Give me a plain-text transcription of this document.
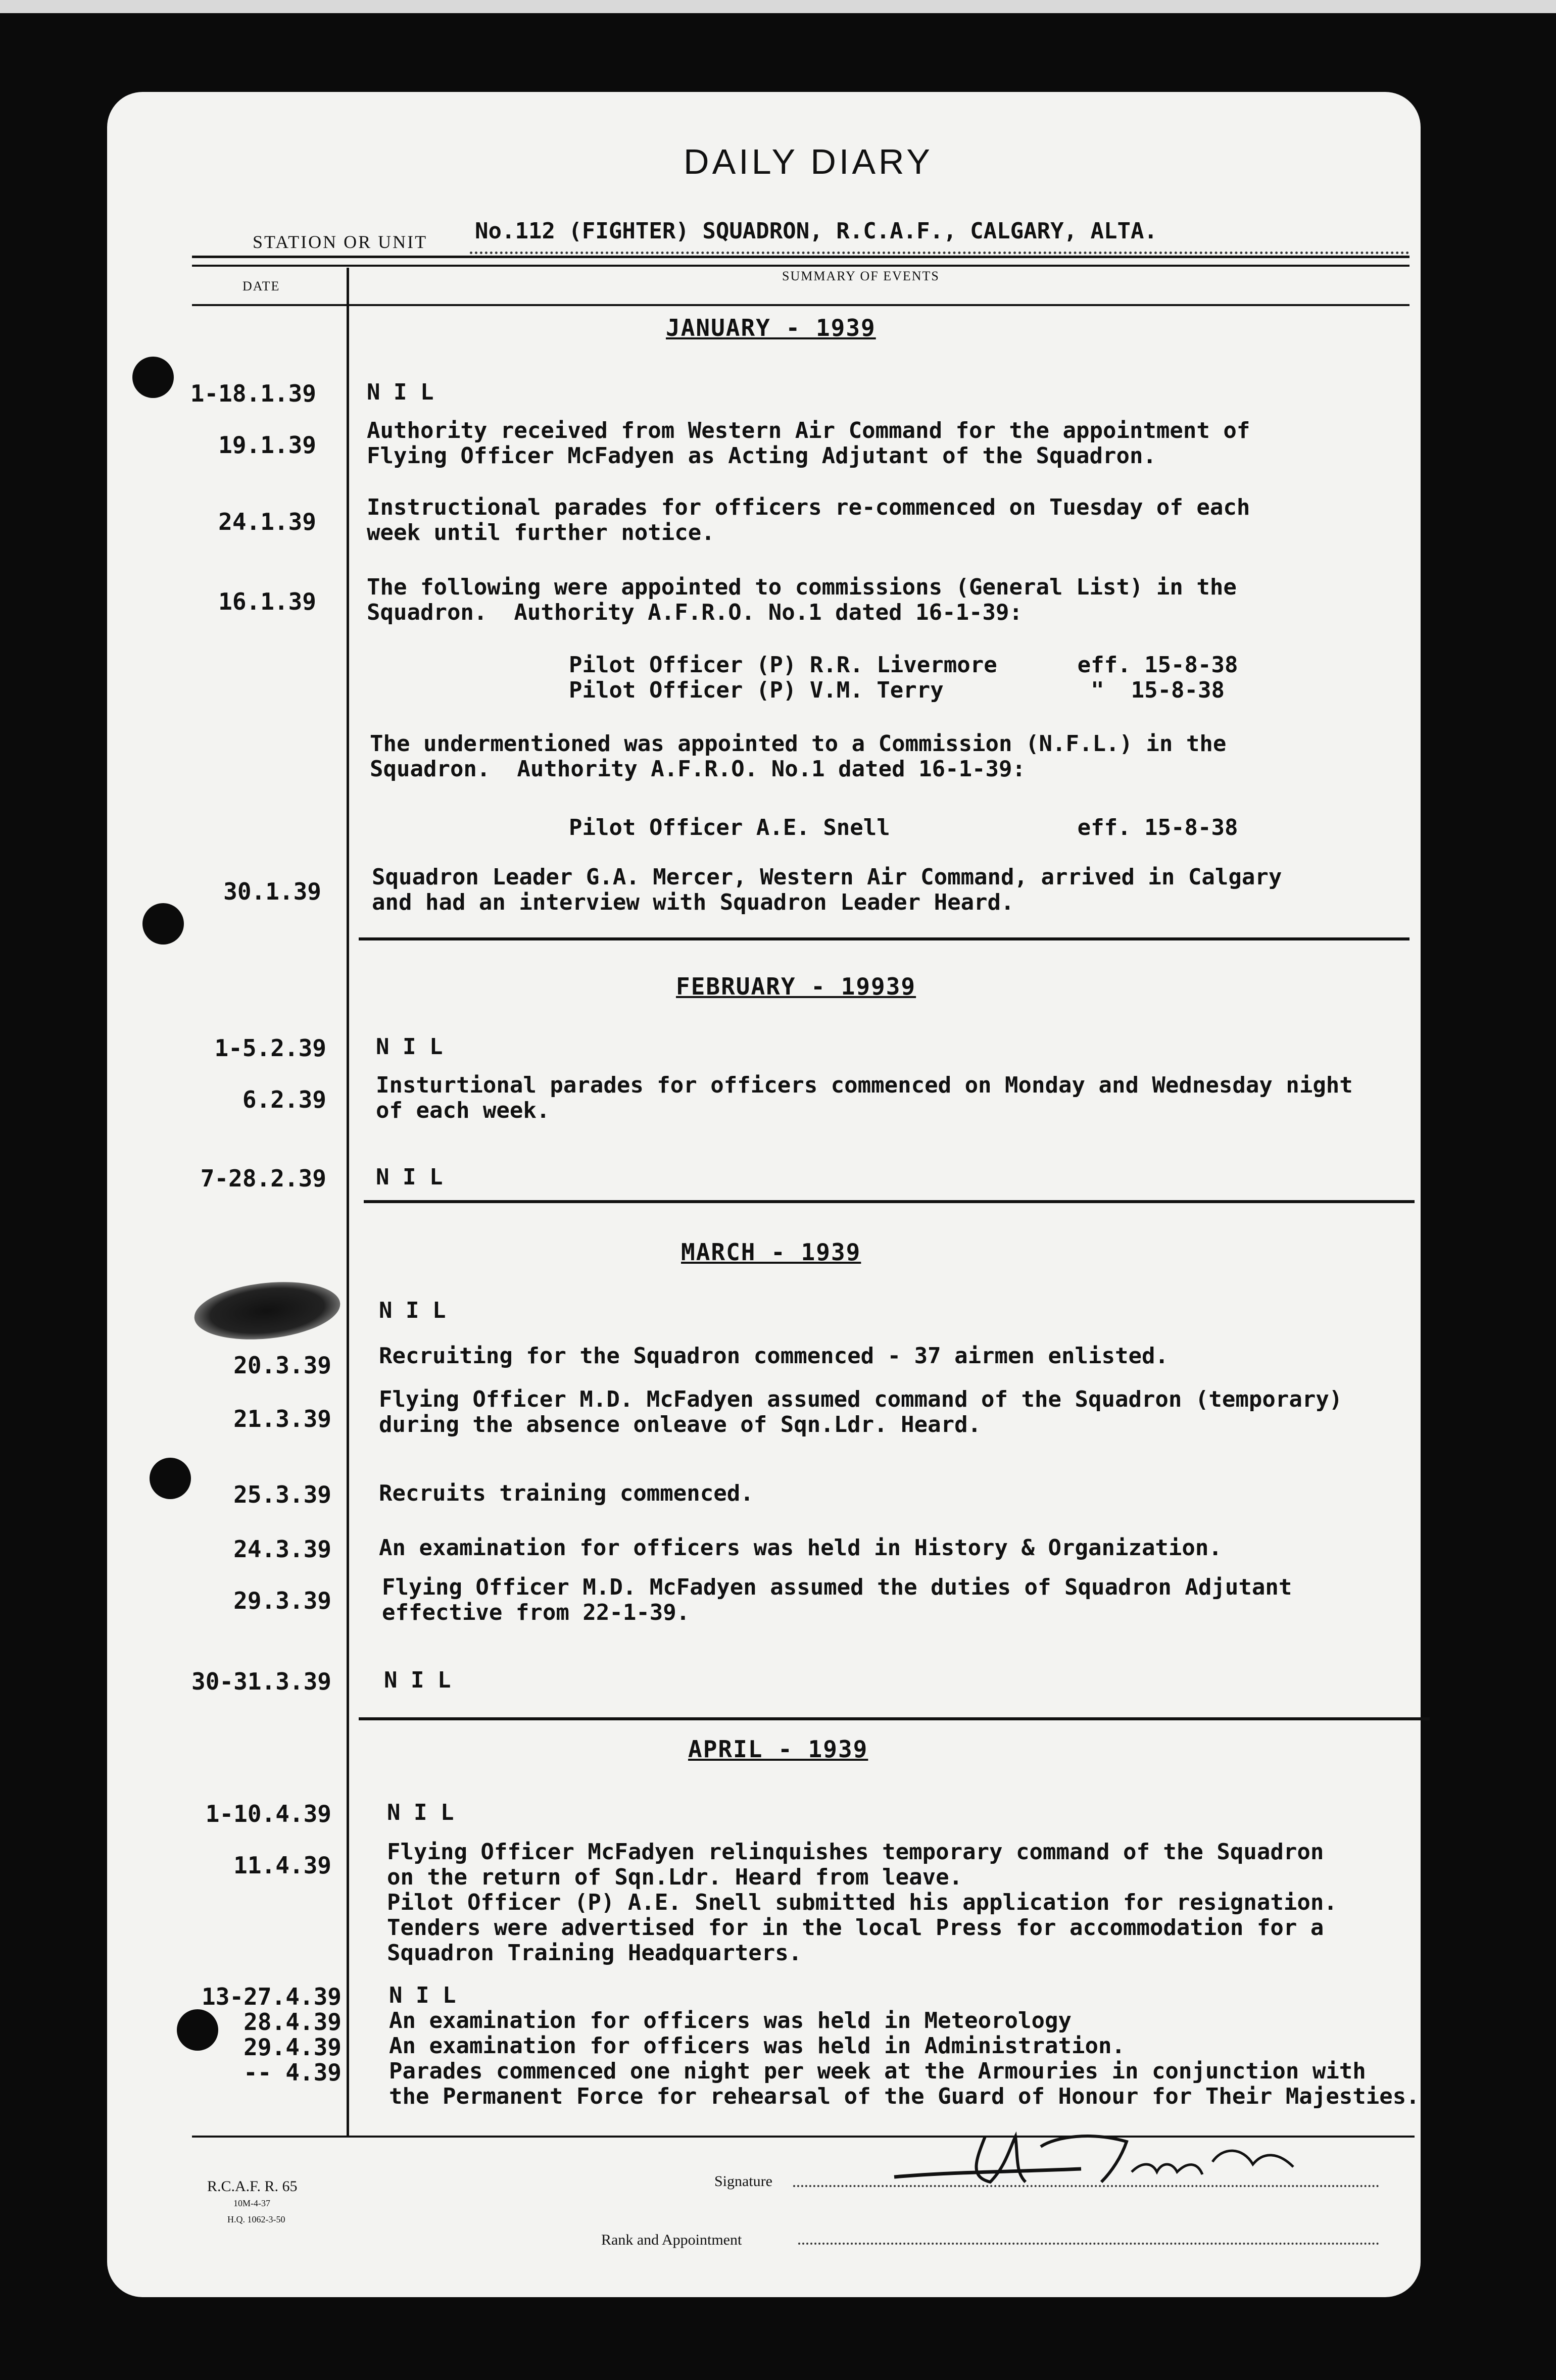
DAILY DIARY
STATION OR UNIT No.112 (FIGHTER) SQUADRON, R.C.A.F., CALGARY, ALTA.
DATE
SUMMARY OF EVENTS
JANUARY - 1939
FEBRUARY - 19939
MARCH - 1939
APRIL - 1939
1-18.1.39
19.1.39
24.1.39
16.1.39
30.1.39
1-5.2.39
6.2.39
7-28.2.39
20.3.39
21.3.39
25.3.39
24.3.39
29.3.39
30-31.3.39
1-10.4.39
11.4.39
13-27.4.39
28.4.39
29.4.39
-- 4.39
N I L
Authority received from Western Air Command for the appointment of
Flying Officer McFadyen as Acting Adjutant of the Squadron.
Instructional parades for officers re-commenced on Tuesday of each
week until further notice.
The following were appointed to commissions (General List) in the
Squadron.  Authority A.F.R.O. No.1 dated 16-1-39:
Pilot Officer (P) R.R. Livermore      eff. 15-8-38
Pilot Officer (P) V.M. Terry           "  15-8-38
The undermentioned was appointed to a Commission (N.F.L.) in the
Squadron.  Authority A.F.R.O. No.1 dated 16-1-39:
Pilot Officer A.E. Snell              eff. 15-8-38
Squadron Leader G.A. Mercer, Western Air Command, arrived in Calgary
and had an interview with Squadron Leader Heard.
N I L
Insturtional parades for officers commenced on Monday and Wednesday night
of each week.
N I L
N I L
Recruiting for the Squadron commenced - 37 airmen enlisted.
Flying Officer M.D. McFadyen assumed command of the Squadron (temporary)
during the absence onleave of Sqn.Ldr. Heard.
Recruits training commenced.
An examination for officers was held in History & Organization.
Flying Officer M.D. McFadyen assumed the duties of Squadron Adjutant
effective from 22-1-39.
N I L
N I L
Flying Officer McFadyen relinquishes temporary command of the Squadron
on the return of Sqn.Ldr. Heard from leave.
Pilot Officer (P) A.E. Snell submitted his application for resignation.
Tenders were advertised for in the local Press for accommodation for a
Squadron Training Headquarters.
N I L
An examination for officers was held in Meteorology
An examination for officers was held in Administration.
Parades commenced one night per week at the Armouries in conjunction with
the Permanent Force for rehearsal of the Guard of Honour for Their Majesties.
R.C.A.F. R. 65
10M-4-37
H.Q. 1062-3-50
Signature
Rank and Appointment
